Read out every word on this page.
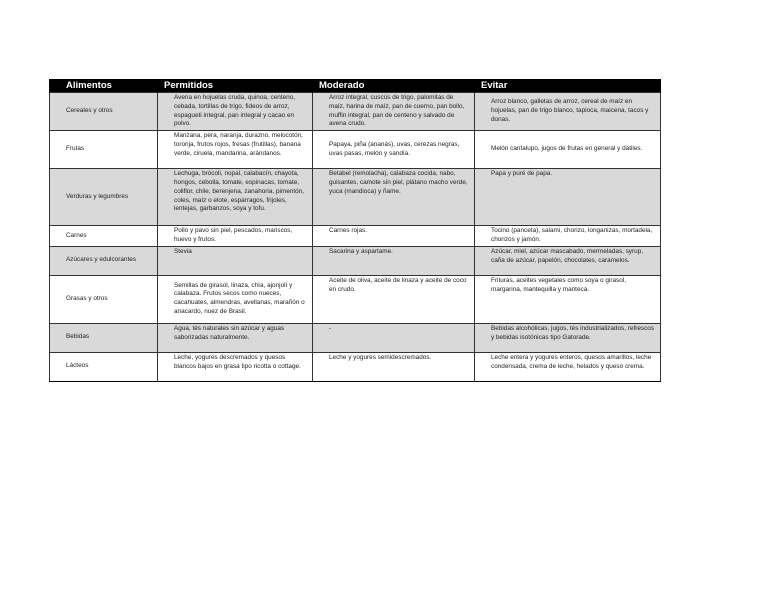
Alimentos	Permitidos	Moderado	Evitar
Cereales y otros	Avena en hojuelas cruda, quinoa, centeno, cebada, tortillas de trigo, fideos de arroz, espagueti integral, pan integral y cacao en polvo.	Arroz integral, cuscús de trigo, palomitas de maíz, harina de maíz, pan de cuerno, pan bollo, muffin integral, pan de centeno y salvado de avena crudo.	Arroz blanco, galletas de arroz, cereal de maíz en hojuelas, pan de trigo blanco, tapioca, maicena, tacos y donas.
Frutas	Manzana, pera, naranja, durazno, melocotón, toronja, frutos rojos, fresas (frutillas), banana verde, ciruela, mandarina, arándanos.	Papaya, piña (ananás), uvas, cerezas negras, uvas pasas, melón y sandía.	Melón cantalupo, jugos de frutas en general y dátiles.
Verduras y legumbres	Lechuga, brócoli, nopal, calabacín, chayota, hongos, cebolla, tomate, espinacas, tomate, coliflor, chile, berenjena, zanahoria, pimentón, coles, maíz o elote, espárragos, frijoles, lentejas, garbanzos, soya y tofu.	Betabel (remolacha), calabaza cocida, nabo, guisantes, camote sin piel, plátano macho verde, yuca (mandioca) y ñame.	Papa y puré de papa.
Carnes	Pollo y pavo sin piel, pescados, mariscos, huevo y frutos.	Carnes rojas.	Tocino (panceta), salami, chorizo, longanizas, mortadela, chorizos y jamón.
Azúcares y edulcorantes	Stevia	Sacarina y aspartame.	Azúcar, miel, azúcar mascabado, mermeladas, syrup, caña de azúcar, papelón, chocolates, caramelos.
Grasas y otros	Semillas de girasol, linaza, chía, ajonjolí y calabaza. Frutos secos como nueces, cacahuates, almendras, avellanas, marañón o anacardo, nuez de Brasil.	Aceite de oliva, aceite de linaza y aceite de coco en crudo.	Frituras, aceites vegetales como soya o girasol, margarina, mantequilla y manteca.
Bebidas	Agua, tés naturales sin azúcar y aguas saborizadas naturalmente.	-	Bebidas alcohólicas, jugos, tés industrializados, refrescos y bebidas isotónicas tipo Gatorade.
Lácteos	Leche, yogures descremados y quesos blancos bajos en grasa tipo ricotta o cottage.	Leche y yogures semidescremados.	Leche entera y yogures enteros, quesos amarillos, leche condensada, crema de leche, helados y queso crema.
